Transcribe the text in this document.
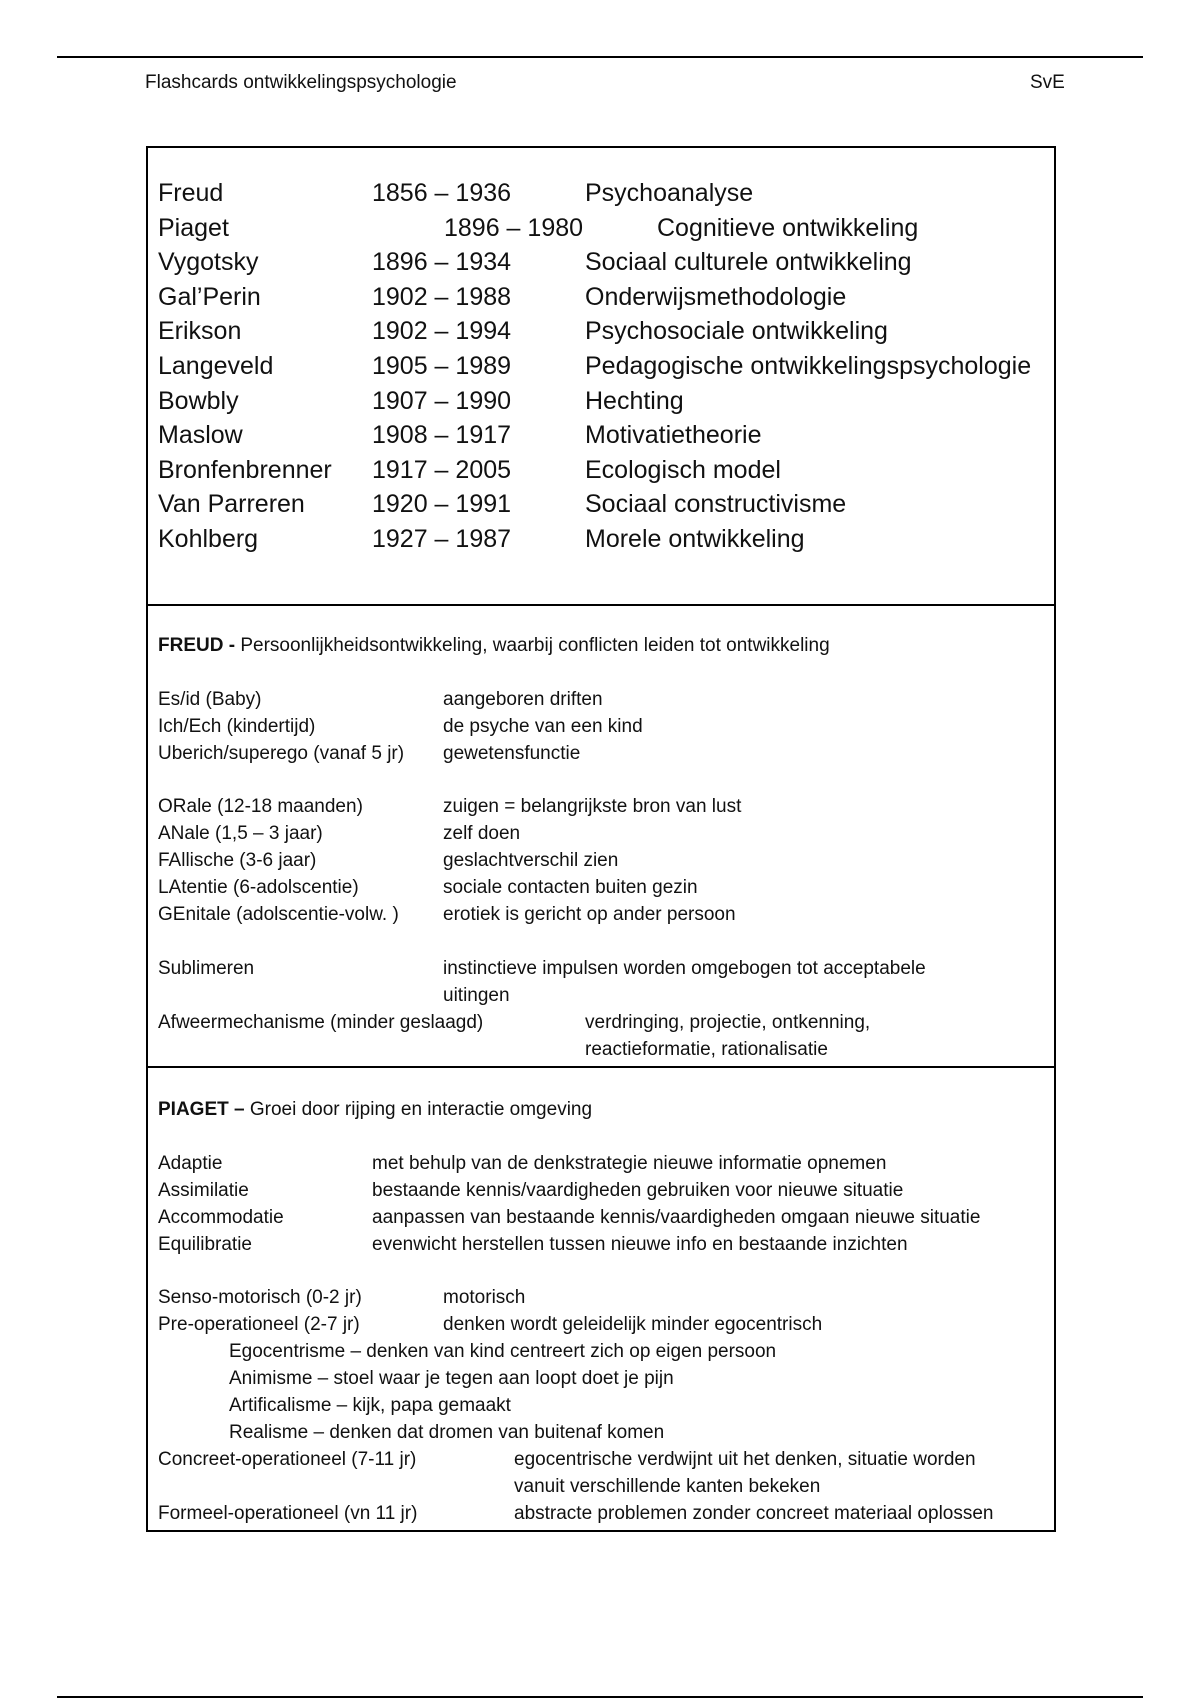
Flashcards ontwikkelingspsychologie	SvE
Freud	1856 – 1936	Psychoanalyse
Piaget	1896 – 1980	Cognitieve ontwikkeling
Vygotsky	1896 – 1934	Sociaal culturele ontwikkeling
Gal’Perin	1902 – 1988	Onderwijsmethodologie
Erikson	1902 – 1994	Psychosociale ontwikkeling
Langeveld	1905 – 1989	Pedagogische ontwikkelingspsychologie
Bowbly	1907 – 1990	Hechting
Maslow	1908 – 1917	Motivatietheorie
Bronfenbrenner 1917 – 2005	Ecologisch model
Van Parreren	1920 – 1991	Sociaal constructivisme
Kohlberg	1927 – 1987	Morele ontwikkeling
FREUD - Persoonlijkheidsontwikkeling, waarbij conflicten leiden tot ontwikkeling
Es/id (Baby)	aangeboren driften
Ich/Ech (kindertijd)	de psyche van een kind
Uberich/superego (vanaf 5 jr) gewetensfunctie
ORale (12-18 maanden)	zuigen = belangrijkste bron van lust
ANale (1,5 – 3 jaar)	zelf doen
FAllische (3-6 jaar)	geslachtverschil zien
LAtentie (6-adolscentie)	sociale contacten buiten gezin
GEnitale (adolscentie-volw. ) erotiek is gericht op ander persoon
Sublimeren	instinctieve impulsen worden omgebogen tot acceptabele
uitingen
Afweermechanisme (minder geslaagd)	verdringing, projectie, ontkenning,
reactieformatie, rationalisatie
PIAGET – Groei door rijping en interactie omgeving
Adaptie	met behulp van de denkstrategie nieuwe informatie opnemen
Assimilatie	bestaande kennis/vaardigheden gebruiken voor nieuwe situatie
Accommodatie	aanpassen van bestaande kennis/vaardigheden omgaan nieuwe situatie
Equilibratie	evenwicht herstellen tussen nieuwe info en bestaande inzichten
Senso-motorisch (0-2 jr)	motorisch
Pre-operationeel (2-7 jr)	denken wordt geleidelijk minder egocentrisch
Egocentrisme – denken van kind centreert zich op eigen persoon
Animisme – stoel waar je tegen aan loopt doet je pijn
Artificalisme – kijk, papa gemaakt
Realisme – denken dat dromen van buitenaf komen
Concreet-operationeel (7-11 jr)	egocentrische verdwijnt uit het denken, situatie worden
vanuit verschillende kanten bekeken
Formeel-operationeel (vn 11 jr)	abstracte problemen zonder concreet materiaal oplossen
